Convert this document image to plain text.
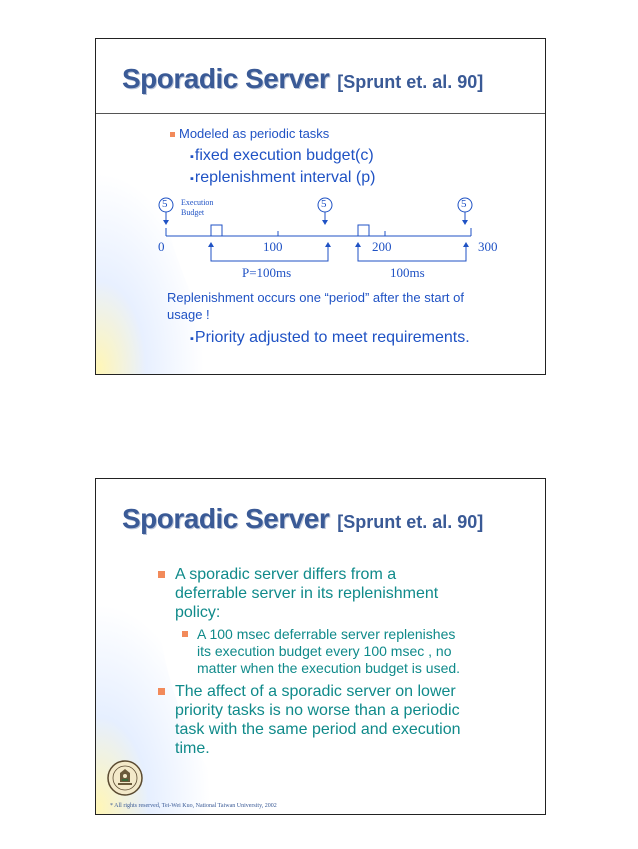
Sporadic Server [Sprunt et. al. 90]
Modeled as periodic tasks
▪fixed execution budget(c)
▪replenishment interval (p)
5	5	5
Execution
Budget
0	100	200	300
P=100ms	100ms
Replenishment occurs one “period” after the start of
usage !
▪Priority adjusted to meet requirements.
Sporadic Server [Sprunt et. al. 90]
A sporadic server differs from a
deferrable server in its replenishment
policy:
A 100 msec deferrable server replenishes
its execution budget every 100 msec , no
matter when the execution budget is used.
The affect of a sporadic server on lower
priority tasks is no worse than a periodic
task with the same period and execution
time.
* All rights reserved, Tei-Wei Kuo, National Taiwan University, 2002
